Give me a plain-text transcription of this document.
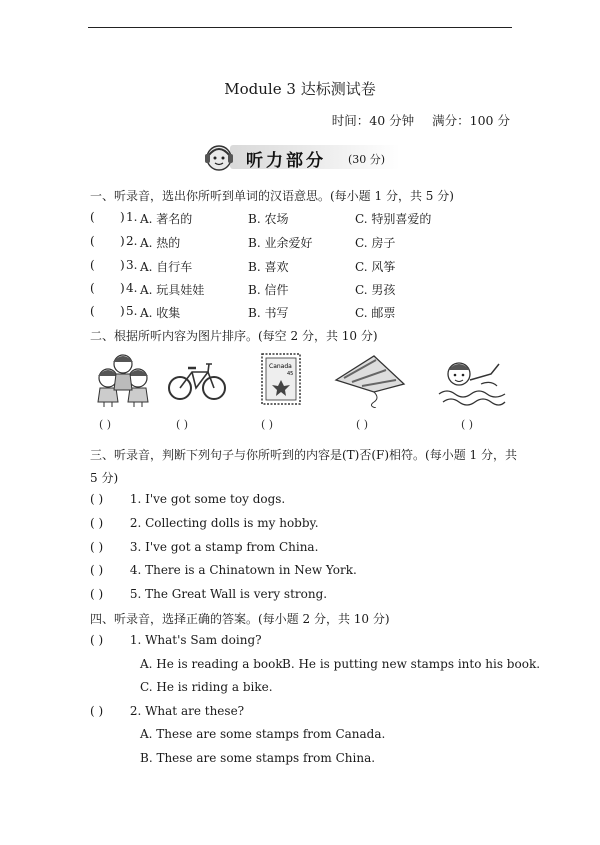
Module 3 达标测试卷
时间：40 分钟 满分：100 分
听力部分 (30 分)
一、听录音，选出你所听到单词的汉语意思。(每小题 1 分，共 5 分)
( ) 1. A. 著名的	B. 农场	C. 特别喜爱的
( ) 2. A. 热的	B. 业余爱好	C. 房子
( ) 3. A. 自行车	B. 喜欢	C. 风筝
( ) 4. A. 玩具娃娃	B. 信件	C. 男孩
( ) 5. A. 收集	B. 书写	C. 邮票
二、根据所听内容为图片排序。(每空 2 分，共 10 分)
Canada
45
( )	( )	( )	( )	( )
三、听录音，判断下列句子与你所听到的内容是(T)否(F)相符。(每小题 1 分，共
5 分)
( ) 1. I've got some toy dogs.
( ) 2. Collecting dolls is my hobby.
( ) 3. I've got a stamp from China.
( ) 4. There is a Chinatown in New York.
( ) 5. The Great Wall is very strong.
四、听录音，选择正确的答案。(每小题 2 分，共 10 分)
( ) 1. What's Sam doing?
A. He is reading a book.
B. He is putting new stamps into his book.
C. He is riding a bike.
( ) 2. What are these?
A. These are some stamps from Canada.
B. These are some stamps from China.
